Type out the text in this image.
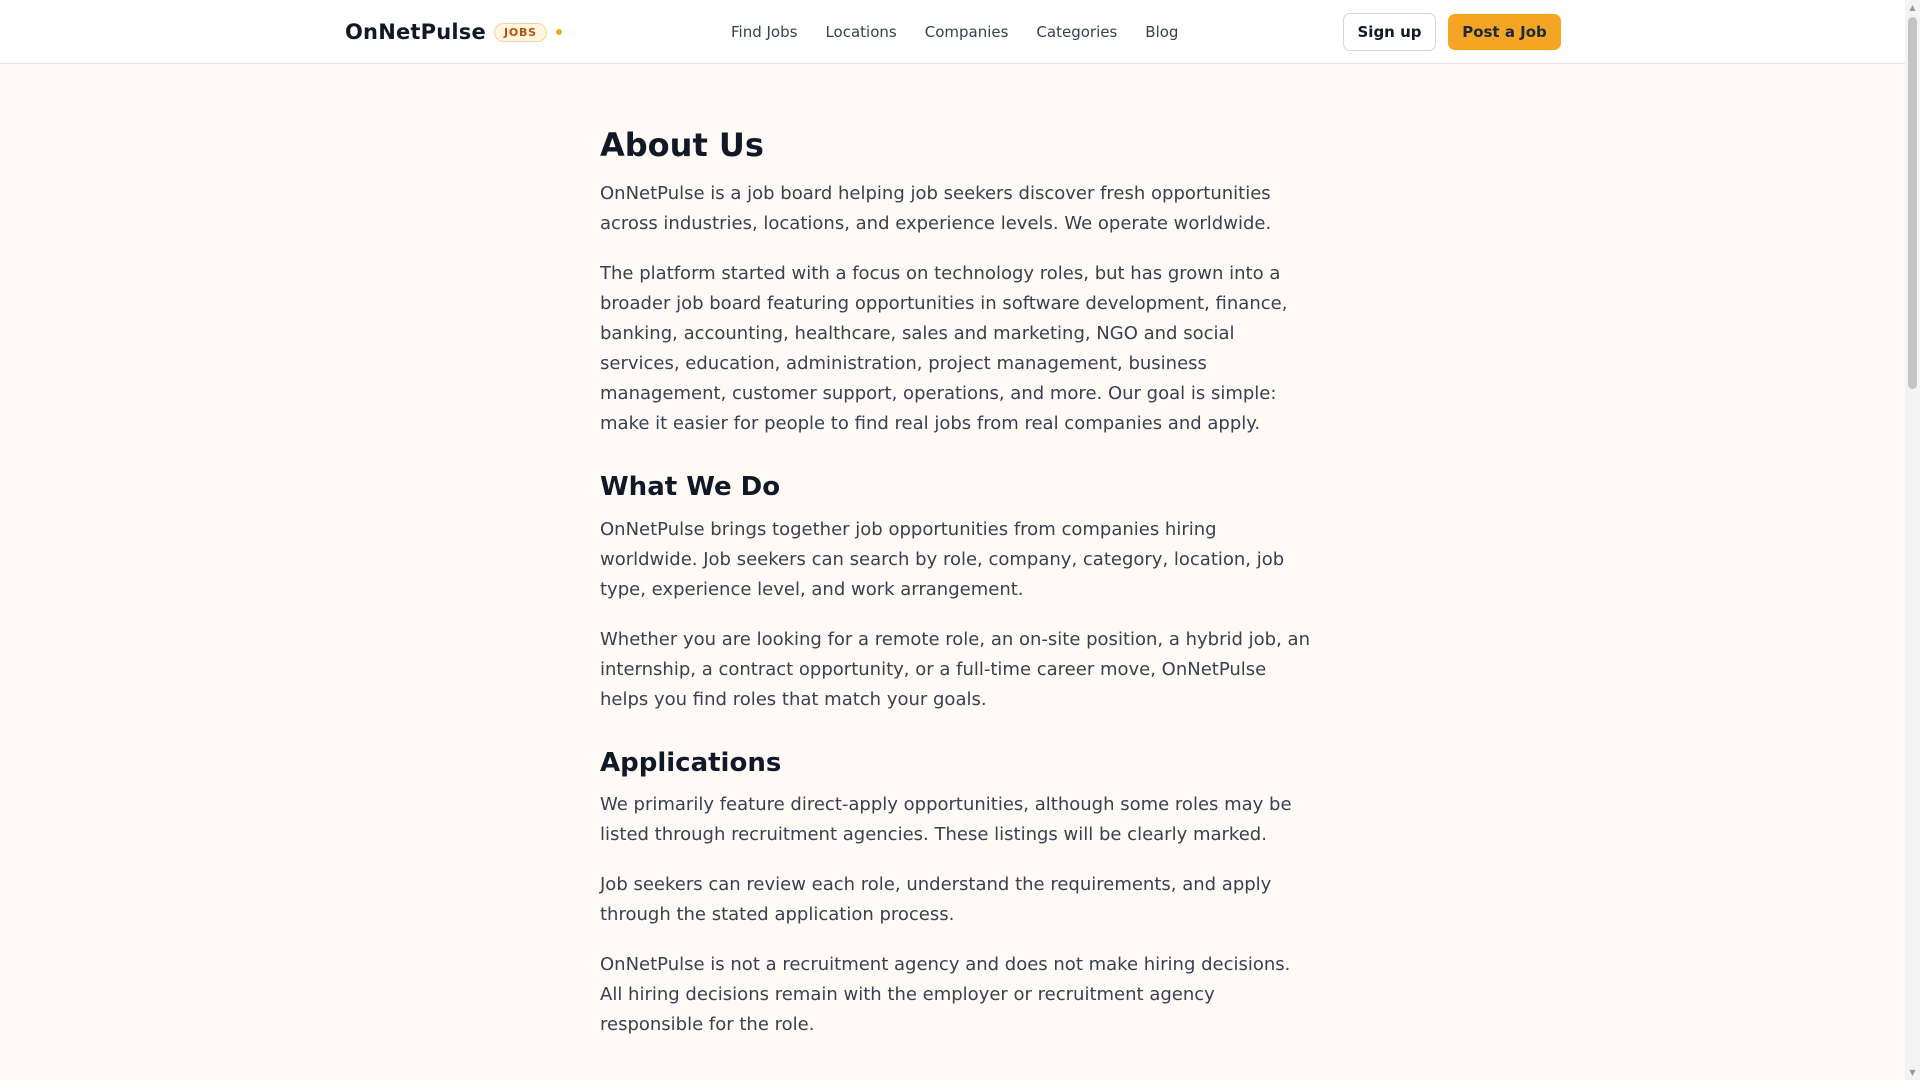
OnNetPulse	JOBS	Find Jobs Locations Companies Categories Blog	Sign up	Post a Job
About Us

OnNetPulse is a job board helping job seekers discover fresh opportunities across industries, locations, and experience levels. We operate worldwide.

The platform started with a focus on technology roles, but has grown into a broader job board featuring opportunities in software development, finance, banking, accounting, healthcare, sales and marketing, NGO and social services, education, administration, project management, business management, customer support, operations, and more. Our goal is simple: make it easier for people to find real jobs from real companies and apply.

What We Do

OnNetPulse brings together job opportunities from companies hiring worldwide. Job seekers can search by role, company, category, location, job type, experience level, and work arrangement.

Whether you are looking for a remote role, an on-site position, a hybrid job, an internship, a contract opportunity, or a full-time career move, OnNetPulse helps you find roles that match your goals.

Applications

We primarily feature direct-apply opportunities, although some roles may be listed through recruitment agencies. These listings will be clearly marked.

Job seekers can review each role, understand the requirements, and apply through the stated application process.

OnNetPulse is not a recruitment agency and does not make hiring decisions. All hiring decisions remain with the employer or recruitment agency responsible for the role.

▲
▼
